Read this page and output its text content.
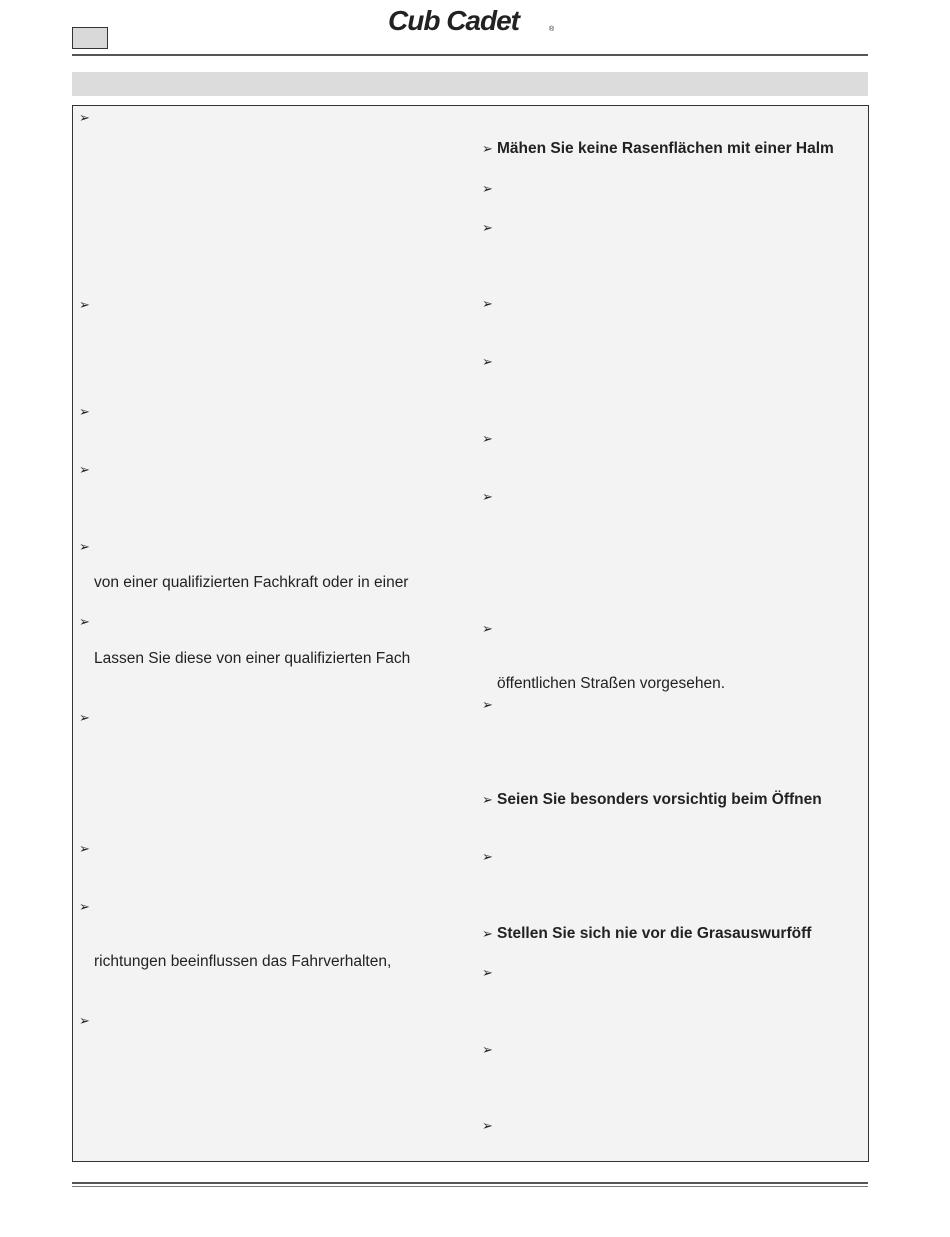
Cub Cadet	®
➢
➢
➢
➢
➢
➢
➢
➢
➢
➢
von einer qualifizierten Fachkraft oder in einer
Lassen Sie diese von einer qualifizierten Fach
richtungen beeinflussen das Fahrverhalten,
➢
➢
➢
➢
➢
➢
➢
➢
➢
➢
➢
➢
➢
➢
➢
Mähen Sie keine Rasenflächen mit einer Halm
Seien Sie besonders vorsichtig beim Öffnen
Stellen Sie sich nie vor die Grasauswurföff
öffentlichen Straßen vorgesehen.
